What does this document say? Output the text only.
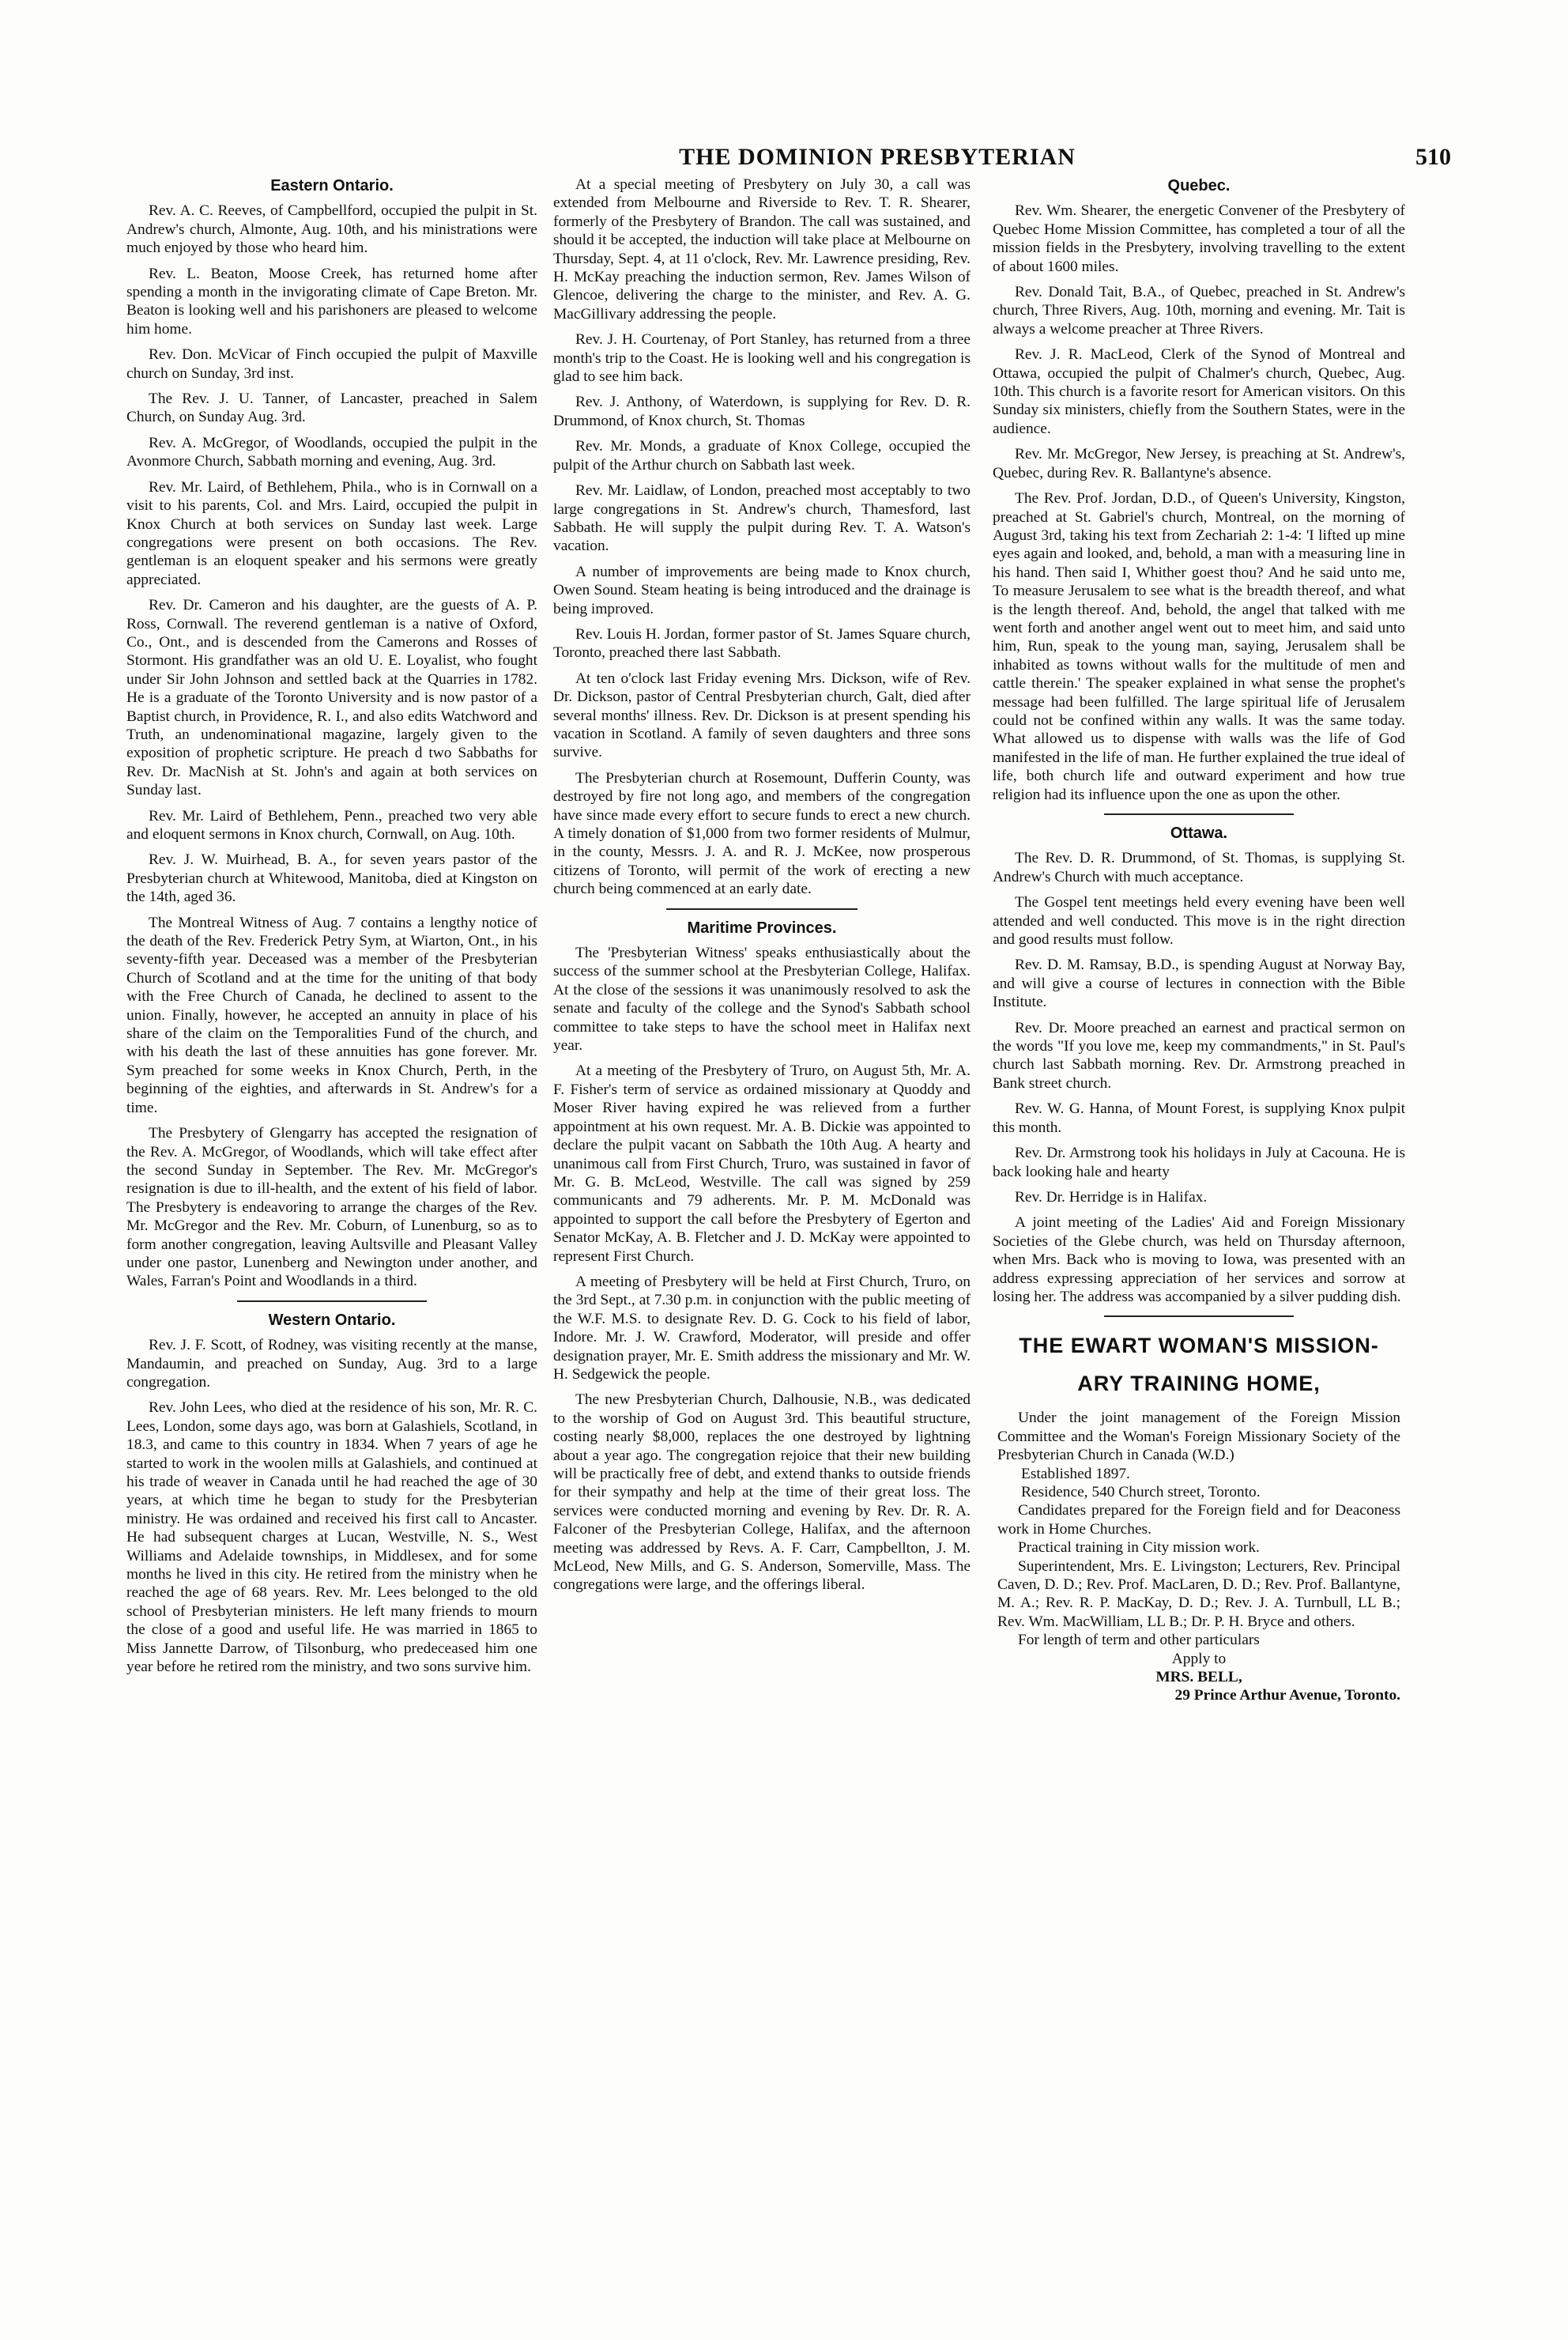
THE DOMINION PRESBYTERIAN	510
Eastern Ontario.

Rev. A. C. Reeves, of Campbellford, occupied the pulpit in St. Andrew's church, Almonte, Aug. 10th, and his ministrations were much enjoyed by those who heard him.

Rev. L. Beaton, Moose Creek, has returned home after spending a month in the invigorating climate of Cape Breton. Mr. Beaton is looking well and his parishoners are pleased to welcome him home.

Rev. Don. McVicar of Finch occupied the pulpit of Maxville church on Sunday, 3rd inst.

The Rev. J. U. Tanner, of Lancaster, preached in Salem Church, on Sunday Aug. 3rd.

Rev. A. McGregor, of Woodlands, occupied the pulpit in the Avonmore Church, Sabbath morning and evening, Aug. 3rd.

Rev. Mr. Laird, of Bethlehem, Phila., who is in Cornwall on a visit to his parents, Col. and Mrs. Laird, occupied the pulpit in Knox Church at both services on Sunday last week. Large congregations were present on both occasions. The Rev. gentleman is an eloquent speaker and his sermons were greatly appreciated.

Rev. Dr. Cameron and his daughter, are the guests of A. P. Ross, Cornwall. The reverend gentleman is a native of Oxford, Co., Ont., and is descended from the Camerons and Rosses of Stormont. His grandfather was an old U. E. Loyalist, who fought under Sir John Johnson and settled back at the Quarries in 1782. He is a graduate of the Toronto University and is now pastor of a Baptist church, in Providence, R. I., and also edits Watchword and Truth, an undenominational magazine, largely given to the exposition of prophetic scripture. He preach d two Sabbaths for Rev. Dr. MacNish at St. John's and again at both services on Sunday last.

Rev. Mr. Laird of Bethlehem, Penn., preached two very able and eloquent sermons in Knox church, Cornwall, on Aug. 10th.

Rev. J. W. Muirhead, B. A., for seven years pastor of the Presbyterian church at Whitewood, Manitoba, died at Kingston on the 14th, aged 36.

The Montreal Witness of Aug. 7 contains a lengthy notice of the death of the Rev. Frederick Petry Sym, at Wiarton, Ont., in his seventy-fifth year. Deceased was a member of the Presbyterian Church of Scotland and at the time for the uniting of that body with the Free Church of Canada, he declined to assent to the union. Finally, however, he accepted an annuity in place of his share of the claim on the Temporalities Fund of the church, and with his death the last of these annuities has gone forever. Mr. Sym preached for some weeks in Knox Church, Perth, in the beginning of the eighties, and afterwards in St. Andrew's for a time.

The Presbytery of Glengarry has accepted the resignation of the Rev. A. McGregor, of Woodlands, which will take effect after the second Sunday in September. The Rev. Mr. McGregor's resignation is due to ill-health, and the extent of his field of labor. The Presbytery is endeavoring to arrange the charges of the Rev. Mr. McGregor and the Rev. Mr. Coburn, of Lunenburg, so as to form another congregation, leaving Aultsville and Pleasant Valley under one pastor, Lunenberg and Newington under another, and Wales, Farran's Point and Woodlands in a third.

Western Ontario.

Rev. J. F. Scott, of Rodney, was visiting recently at the manse, Mandaumin, and preached on Sunday, Aug. 3rd to a large congregation.

Rev. John Lees, who died at the residence of his son, Mr. R. C. Lees, London, some days ago, was born at Galashiels, Scotland, in 18.3, and came to this country in 1834. When 7 years of age he started to work in the woolen mills at Galashiels, and continued at his trade of weaver in Canada until he had reached the age of 30 years, at which time he began to study for the Presbyterian ministry. He was ordained and received his first call to Ancaster. He had subsequent charges at Lucan, Westville, N. S., West Williams and Adelaide townships, in Middlesex, and for some months he lived in this city. He retired from the ministry when he reached the age of 68 years. Rev. Mr. Lees belonged to the old school of Presbyterian ministers. He left many friends to mourn the close of a good and useful life. He was married in 1865 to Miss Jannette Darrow, of Tilsonburg, who predeceased him one year before he retired rom the ministry, and two sons survive him.

At a special meeting of Presbytery on July 30, a call was extended from Melbourne and Riverside to Rev. T. R. Shearer, formerly of the Presbytery of Brandon. The call was sustained, and should it be accepted, the induction will take place at Melbourne on Thursday, Sept. 4, at 11 o'clock, Rev. Mr. Lawrence presiding, Rev. H. McKay preaching the induction sermon, Rev. James Wilson of Glencoe, delivering the charge to the minister, and Rev. A. G. MacGillivary addressing the people.

Rev. J. H. Courtenay, of Port Stanley, has returned from a three month's trip to the Coast. He is looking well and his congregation is glad to see him back.

Rev. J. Anthony, of Waterdown, is supplying for Rev. D. R. Drummond, of Knox church, St. Thomas

Rev. Mr. Monds, a graduate of Knox College, occupied the pulpit of the Arthur church on Sabbath last week.

Rev. Mr. Laidlaw, of London, preached most acceptably to two large congregations in St. Andrew's church, Thamesford, last Sabbath. He will supply the pulpit during Rev. T. A. Watson's vacation.

A number of improvements are being made to Knox church, Owen Sound. Steam heating is being introduced and the drainage is being improved.

Rev. Louis H. Jordan, former pastor of St. James Square church, Toronto, preached there last Sabbath.

At ten o'clock last Friday evening Mrs. Dickson, wife of Rev. Dr. Dickson, pastor of Central Presbyterian church, Galt, died after several months' illness. Rev. Dr. Dickson is at present spending his vacation in Scotland. A family of seven daughters and three sons survive.

The Presbyterian church at Rosemount, Dufferin County, was destroyed by fire not long ago, and members of the congregation have since made every effort to secure funds to erect a new church. A timely donation of $1,000 from two former residents of Mulmur, in the county, Messrs. J. A. and R. J. McKee, now prosperous citizens of Toronto, will permit of the work of erecting a new church being commenced at an early date.

Maritime Provinces.

The 'Presbyterian Witness' speaks enthusiastically about the success of the summer school at the Presbyterian College, Halifax. At the close of the sessions it was unanimously resolved to ask the senate and faculty of the college and the Synod's Sabbath school committee to take steps to have the school meet in Halifax next year.

At a meeting of the Presbytery of Truro, on August 5th, Mr. A. F. Fisher's term of service as ordained missionary at Quoddy and Moser River having expired he was relieved from a further appointment at his own request. Mr. A. B. Dickie was appointed to declare the pulpit vacant on Sabbath the 10th Aug. A hearty and unanimous call from First Church, Truro, was sustained in favor of Mr. G. B. McLeod, Westville. The call was signed by 259 communicants and 79 adherents. Mr. P. M. McDonald was appointed to support the call before the Presbytery of Egerton and Senator McKay, A. B. Fletcher and J. D. McKay were appointed to represent First Church.

A meeting of Presbytery will be held at First Church, Truro, on the 3rd Sept., at 7.30 p.m. in conjunction with the public meeting of the W.F. M.S. to designate Rev. D. G. Cock to his field of labor, Indore. Mr. J. W. Crawford, Moderator, will preside and offer designation prayer, Mr. E. Smith address the missionary and Mr. W. H. Sedgewick the people.

The new Presbyterian Church, Dalhousie, N.B., was dedicated to the worship of God on August 3rd. This beautiful structure, costing nearly $8,000, replaces the one destroyed by lightning about a year ago. The congregation rejoice that their new building will be practically free of debt, and extend thanks to outside friends for their sympathy and help at the time of their great loss. The services were conducted morning and evening by Rev. Dr. R. A. Falconer of the Presbyterian College, Halifax, and the afternoon meeting was addressed by Revs. A. F. Carr, Campbellton, J. M. McLeod, New Mills, and G. S. Anderson, Somerville, Mass. The congregations were large, and the offerings liberal.

Quebec.

Rev. Wm. Shearer, the energetic Convener of the Presbytery of Quebec Home Mission Committee, has completed a tour of all the mission fields in the Presbytery, involving travelling to the extent of about 1600 miles.

Rev. Donald Tait, B.A., of Quebec, preached in St. Andrew's church, Three Rivers, Aug. 10th, morning and evening. Mr. Tait is always a welcome preacher at Three Rivers.

Rev. J. R. MacLeod, Clerk of the Synod of Montreal and Ottawa, occupied the pulpit of Chalmer's church, Quebec, Aug. 10th. This church is a favorite resort for American visitors. On this Sunday six ministers, chiefly from the Southern States, were in the audience.

Rev. Mr. McGregor, New Jersey, is preaching at St. Andrew's, Quebec, during Rev. R. Ballantyne's absence.

The Rev. Prof. Jordan, D.D., of Queen's University, Kingston, preached at St. Gabriel's church, Montreal, on the morning of August 3rd, taking his text from Zechariah 2: 1-4: 'I lifted up mine eyes again and looked, and, behold, a man with a measuring line in his hand. Then said I, Whither goest thou? And he said unto me, To measure Jerusalem to see what is the breadth thereof, and what is the length thereof. And, behold, the angel that talked with me went forth and another angel went out to meet him, and said unto him, Run, speak to the young man, saying, Jerusalem shall be inhabited as towns without walls for the multitude of men and cattle therein.' The speaker explained in what sense the prophet's message had been fulfilled. The large spiritual life of Jerusalem could not be confined within any walls. It was the same today. What allowed us to dispense with walls was the life of God manifested in the life of man. He further explained the true ideal of life, both church life and outward experiment and how true religion had its influence upon the one as upon the other.

Ottawa.

The Rev. D. R. Drummond, of St. Thomas, is supplying St. Andrew's Church with much acceptance.

The Gospel tent meetings held every evening have been well attended and well conducted. This move is in the right direction and good results must follow.

Rev. D. M. Ramsay, B.D., is spending August at Norway Bay, and will give a course of lectures in connection with the Bible Institute.

Rev. Dr. Moore preached an earnest and practical sermon on the words "If you love me, keep my commandments," in St. Paul's church last Sabbath morning. Rev. Dr. Armstrong preached in Bank street church.

Rev. W. G. Hanna, of Mount Forest, is supplying Knox pulpit this month.

Rev. Dr. Armstrong took his holidays in July at Cacouna. He is back looking hale and hearty

Rev. Dr. Herridge is in Halifax.

A joint meeting of the Ladies' Aid and Foreign Missionary Societies of the Glebe church, was held on Thursday afternoon, when Mrs. Back who is moving to Iowa, was presented with an address expressing appreciation of her services and sorrow at losing her. The address was accompanied by a silver pudding dish.

THE EWART WOMAN'S MISSION-
ARY TRAINING HOME,

Under the joint management of the Foreign Mission Committee and the Woman's Foreign Missionary Society of the Presbyterian Church in Canada (W.D.)

Established 1897.

Residence, 540 Church street, Toronto.

Candidates prepared for the Foreign field and for Deaconess work in Home Churches.

Practical training in City mission work.

Superintendent, Mrs. E. Livingston; Lecturers, Rev. Principal Caven, D. D.; Rev. Prof. MacLaren, D. D.; Rev. Prof. Ballantyne, M. A.; Rev. R. P. MacKay, D. D.; Rev. J. A. Turnbull, LL B.; Rev. Wm. MacWilliam, LL B.; Dr. P. H. Bryce and others.

For length of term and other particulars

Apply to

MRS. BELL,

29 Prince Arthur Avenue, Toronto.
